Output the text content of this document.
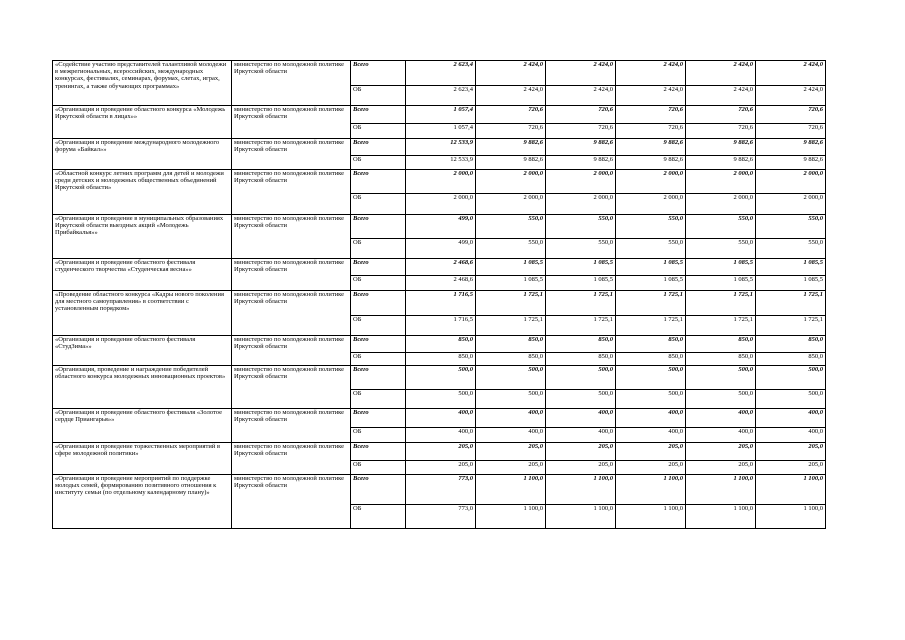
«Содействие участию представителей талантливой молодежи в межрегиональных, всероссийских, международных конкурсах, фестивалях, семинарах, форумах, слетах, играх, тренингах, а также обучающих программах»	министерство по молодежной политике Иркутской области	Всего	2 623,4	2 424,0	2 424,0	2 424,0	2 424,0	2 424,0
		ОБ	2 623,4	2 424,0	2 424,0	2 424,0	2 424,0	2 424,0
«Организация и проведение областного конкурса «Молодежь Иркутской области в лицах»»	министерство по молодежной политике Иркутской области	Всего	1 057,4	720,6	720,6	720,6	720,6	720,6
		ОБ	1 057,4	720,6	720,6	720,6	720,6	720,6
«Организация и проведение международного молодежного форума «Байкал»»	министерство по молодежной политике Иркутской области	Всего	12 533,9	9 882,6	9 882,6	9 882,6	9 882,6	9 882,6
		ОБ	12 533,9	9 882,6	9 882,6	9 882,6	9 882,6	9 882,6
«Областной конкурс летних программ для детей и молодежи среди детских и молодежных общественных объединений Иркутской области»	министерство по молодежной политике Иркутской области	Всего	2 000,0	2 000,0	2 000,0	2 000,0	2 000,0	2 000,0
		ОБ	2 000,0	2 000,0	2 000,0	2 000,0	2 000,0	2 000,0
«Организация и проведение в муниципальных образованиях Иркутской области выездных акций «Молодежь Прибайкалья»»	министерство по молодежной политике Иркутской области	Всего	499,0	550,0	550,0	550,0	550,0	550,0
		ОБ	499,0	550,0	550,0	550,0	550,0	550,0
«Организация и проведение областного фестиваля студенческого творчества «Студенческая весна»»	министерство по молодежной политике Иркутской области	Всего	2 468,6	1 085,5	1 085,5	1 085,5	1 085,5	1 085,5
		ОБ	2 468,6	1 085,5	1 085,5	1 085,5	1 085,5	1 085,5
«Проведение областного конкурса «Кадры нового поколения для местного самоуправления» в соответствии с установленным порядком»	министерство по молодежной политике Иркутской области	Всего	1 716,5	1 725,1	1 725,1	1 725,1	1 725,1	1 725,1
		ОБ	1 716,5	1 725,1	1 725,1	1 725,1	1 725,1	1 725,1
«Организация и проведение областного фестиваля «СтудЗима»»	министерство по молодежной политике Иркутской области	Всего	850,0	850,0	850,0	850,0	850,0	850,0
		ОБ	850,0	850,0	850,0	850,0	850,0	850,0
«Организация, проведение и награждение победителей областного конкурса молодежных инновационных проектов»	министерство по молодежной политике Иркутской области	Всего	500,0	500,0	500,0	500,0	500,0	500,0
		ОБ	500,0	500,0	500,0	500,0	500,0	500,0
«Организация и проведение областного фестиваля «Золотое сердце Приангарья»»	министерство по молодежной политике Иркутской области	Всего	400,0	400,0	400,0	400,0	400,0	400,0
		ОБ	400,0	400,0	400,0	400,0	400,0	400,0
«Организация и проведение торжественных мероприятий в сфере молодежной политики»	министерство по молодежной политике Иркутской области	Всего	205,0	205,0	205,0	205,0	205,0	205,0
		ОБ	205,0	205,0	205,0	205,0	205,0	205,0
«Организация и проведение мероприятий по поддержке молодых семей, формированию позитивного отношения к институту семьи (по отдельному календарному плану)»	министерство по молодежной политике Иркутской области	Всего	773,0	1 100,0	1 100,0	1 100,0	1 100,0	1 100,0
		ОБ	773,0	1 100,0	1 100,0	1 100,0	1 100,0	1 100,0
